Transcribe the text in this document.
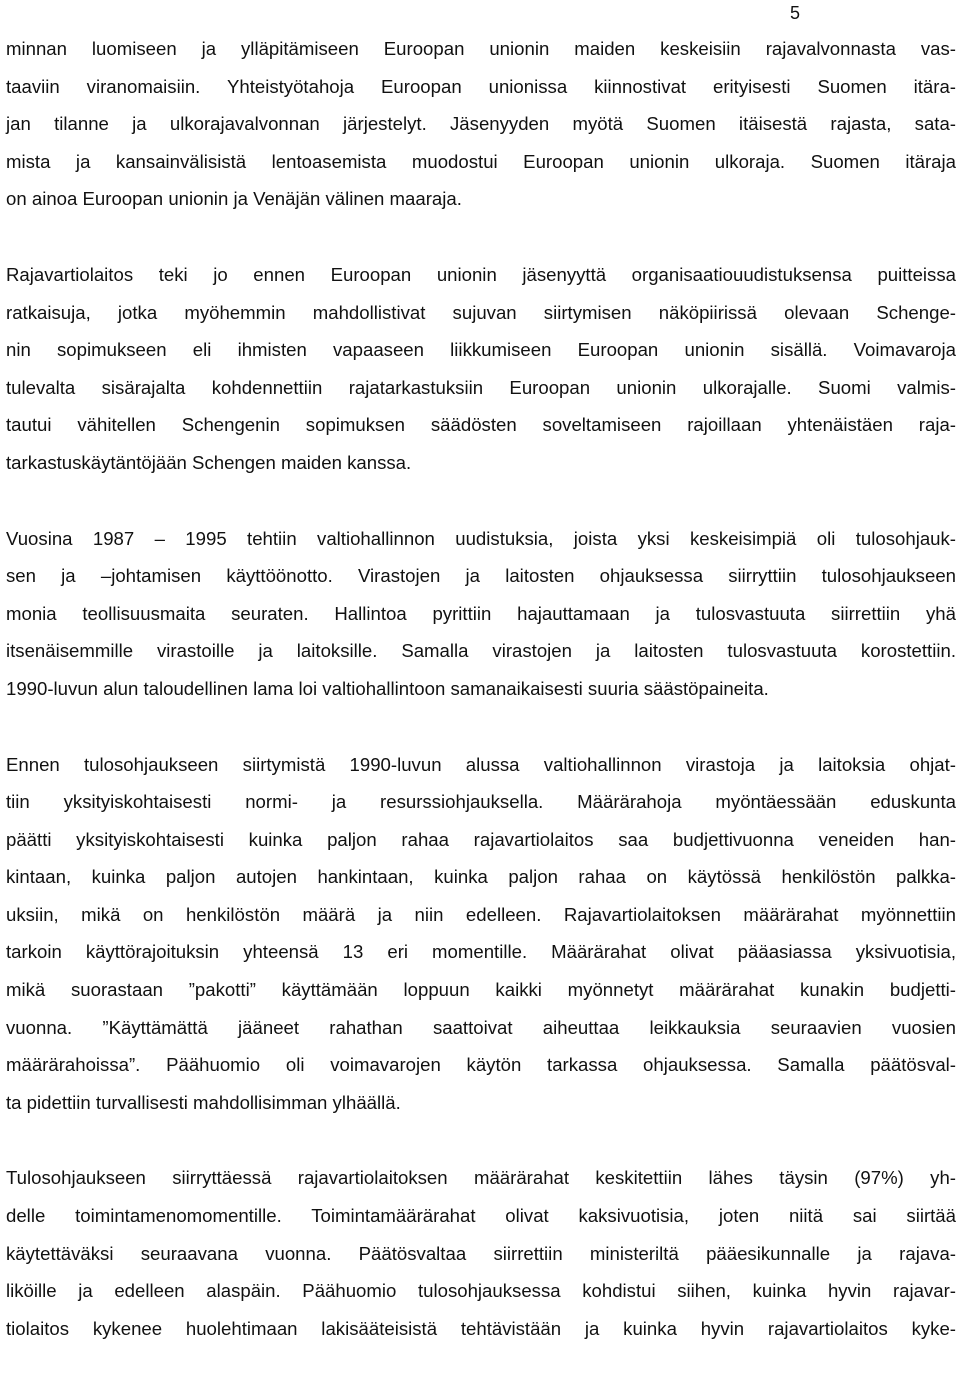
5
minnan luomiseen ja ylläpitämiseen Euroopan unionin maiden keskeisiin rajavalvonnasta vas-
taaviin viranomaisiin. Yhteistyötahoja Euroopan unionissa kiinnostivat erityisesti Suomen itära-
jan tilanne ja ulkorajavalvonnan järjestelyt. Jäsenyyden myötä Suomen itäisestä rajasta, sata-
mista ja kansainvälisistä lentoasemista muodostui Euroopan unionin ulkoraja. Suomen itäraja
on ainoa Euroopan unionin ja Venäjän välinen maaraja.
Rajavartiolaitos teki jo ennen Euroopan unionin jäsenyyttä organisaatiouudistuksensa puitteissa
ratkaisuja, jotka myöhemmin mahdollistivat sujuvan siirtymisen näköpiirissä olevaan Schenge-
nin sopimukseen eli ihmisten vapaaseen liikkumiseen Euroopan unionin sisällä. Voimavaroja
tulevalta sisärajalta kohdennettiin rajatarkastuksiin Euroopan unionin ulkorajalle. Suomi valmis-
tautui vähitellen Schengenin sopimuksen säädösten soveltamiseen rajoillaan yhtenäistäen raja-
tarkastuskäytäntöjään Schengen maiden kanssa.
Vuosina 1987 – 1995 tehtiin valtiohallinnon uudistuksia, joista yksi keskeisimpiä oli tulosohjauk-
sen ja –johtamisen käyttöönotto. Virastojen ja laitosten ohjauksessa siirryttiin tulosohjaukseen
monia teollisuusmaita seuraten. Hallintoa pyrittiin hajauttamaan ja tulosvastuuta siirrettiin yhä
itsenäisemmille virastoille ja laitoksille. Samalla virastojen ja laitosten tulosvastuuta korostettiin.
1990-luvun alun taloudellinen lama loi valtiohallintoon samanaikaisesti suuria säästöpaineita.
Ennen tulosohjaukseen siirtymistä 1990-luvun alussa valtiohallinnon virastoja ja laitoksia ohjat-
tiin yksityiskohtaisesti normi- ja resurssiohjauksella. Määrärahoja myöntäessään eduskunta
päätti yksityiskohtaisesti kuinka paljon rahaa rajavartiolaitos saa budjettivuonna veneiden han-
kintaan, kuinka paljon autojen hankintaan, kuinka paljon rahaa on käytössä henkilöstön palkka-
uksiin, mikä on henkilöstön määrä ja niin edelleen. Rajavartiolaitoksen määrärahat myönnettiin
tarkoin käyttörajoituksin yhteensä 13 eri momentille. Määrärahat olivat pääasiassa yksivuotisia,
mikä suorastaan ”pakotti” käyttämään loppuun kaikki myönnetyt määrärahat kunakin budjetti-
vuonna. ”Käyttämättä jääneet rahathan saattoivat aiheuttaa leikkauksia seuraavien vuosien
määrärahoissa”. Päähuomio oli voimavarojen käytön tarkassa ohjauksessa. Samalla päätösval-
ta pidettiin turvallisesti mahdollisimman ylhäällä.
Tulosohjaukseen siirryttäessä rajavartiolaitoksen määrärahat keskitettiin lähes täysin (97%) yh-
delle toimintamenomomentille. Toimintamäärärahat olivat kaksivuotisia, joten niitä sai siirtää
käytettäväksi seuraavana vuonna. Päätösvaltaa siirrettiin ministeriltä pääesikunnalle ja rajava-
liköille ja edelleen alaspäin. Päähuomio tulosohjauksessa kohdistui siihen, kuinka hyvin rajavar-
tiolaitos kykenee huolehtimaan lakisääteisistä tehtävistään ja kuinka hyvin rajavartiolaitos kyke-
